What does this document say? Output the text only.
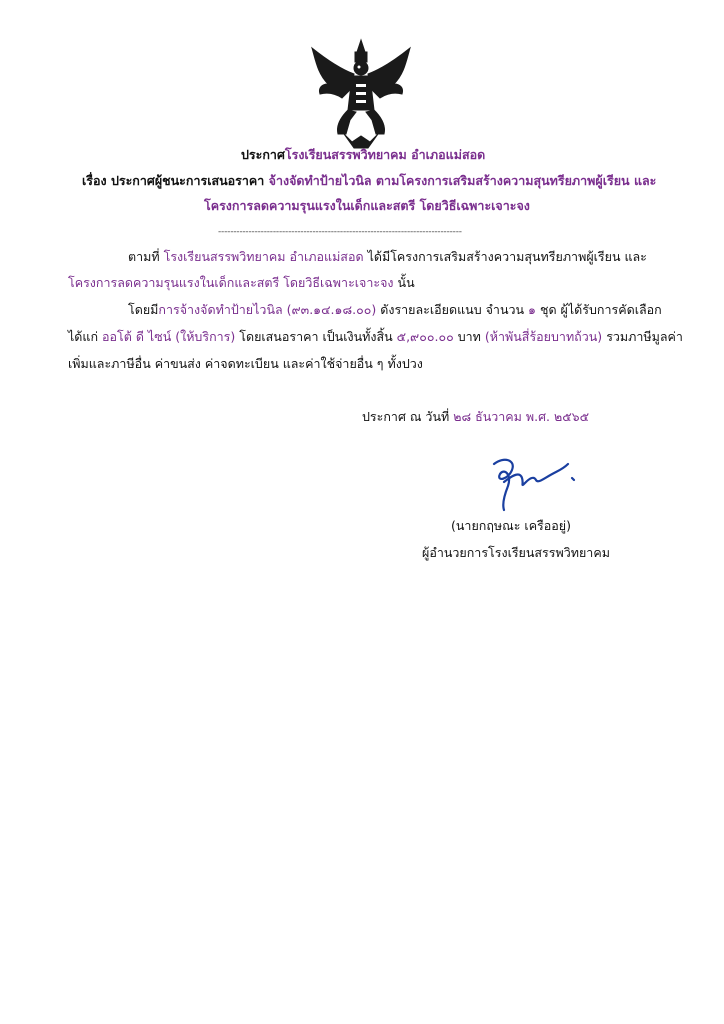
ประกาศโรงเรียนสรรพวิทยาคม อำเภอแม่สอด
เรื่อง ประกาศผู้ชนะการเสนอราคา จ้างจัดทำป้ายไวนิล ตามโครงการเสริมสร้างความสุนทรียภาพผู้เรียน และ
โครงการลดความรุนแรงในเด็กและสตรี โดยวิธีเฉพาะเจาะจง
--------------------------------------------------------------------------------
ตามที่ โรงเรียนสรรพวิทยาคม อำเภอแม่สอด ได้มีโครงการเสริมสร้างความสุนทรียภาพผู้เรียน และ
โครงการลดความรุนแรงในเด็กและสตรี โดยวิธีเฉพาะเจาะจง นั้น
โดยมีการจ้างจัดทำป้ายไวนิล (๙๓.๑๔.๑๘.๐๐) ดังรายละเอียดแนบ จำนวน ๑ ชุด ผู้ได้รับการคัดเลือก
ได้แก่ ออโต้ ดี ไซน์ (ให้บริการ) โดยเสนอราคา เป็นเงินทั้งสิ้น ๕,๙๐๐.๐๐ บาท (ห้าพันสี่ร้อยบาทถ้วน) รวมภาษีมูลค่า
เพิ่มและภาษีอื่น ค่าขนส่ง ค่าจดทะเบียน และค่าใช้จ่ายอื่น ๆ ทั้งปวง
ประกาศ ณ วันที่ ๒๘ ธันวาคม พ.ศ. ๒๕๖๕
(นายกฤษณะ เครืออยู่)
ผู้อำนวยการโรงเรียนสรรพวิทยาคม
